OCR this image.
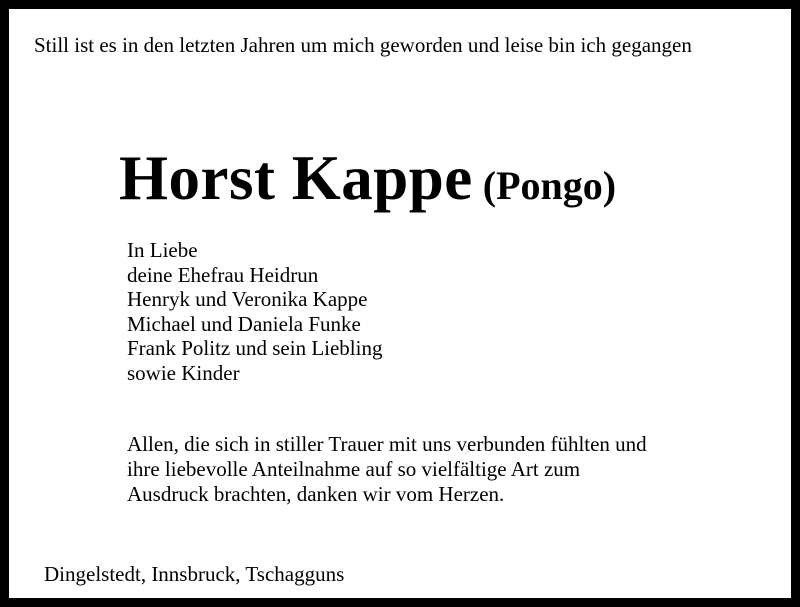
Still ist es in den letzten Jahren um mich geworden und leise bin ich gegangen

Horst Kappe (Pongo)
In Liebe
deine Ehefrau Heidrun
Henryk und Veronika Kappe
Michael und Daniela Funke
Frank Politz und sein Liebling
sowie Kinder

Allen, die sich in stiller Trauer mit uns verbunden fühlten und
ihre liebevolle Anteilnahme auf so vielfältige Art zum
Ausdruck brachten, danken wir vom Herzen.

Dingelstedt, Innsbruck, Tschagguns
